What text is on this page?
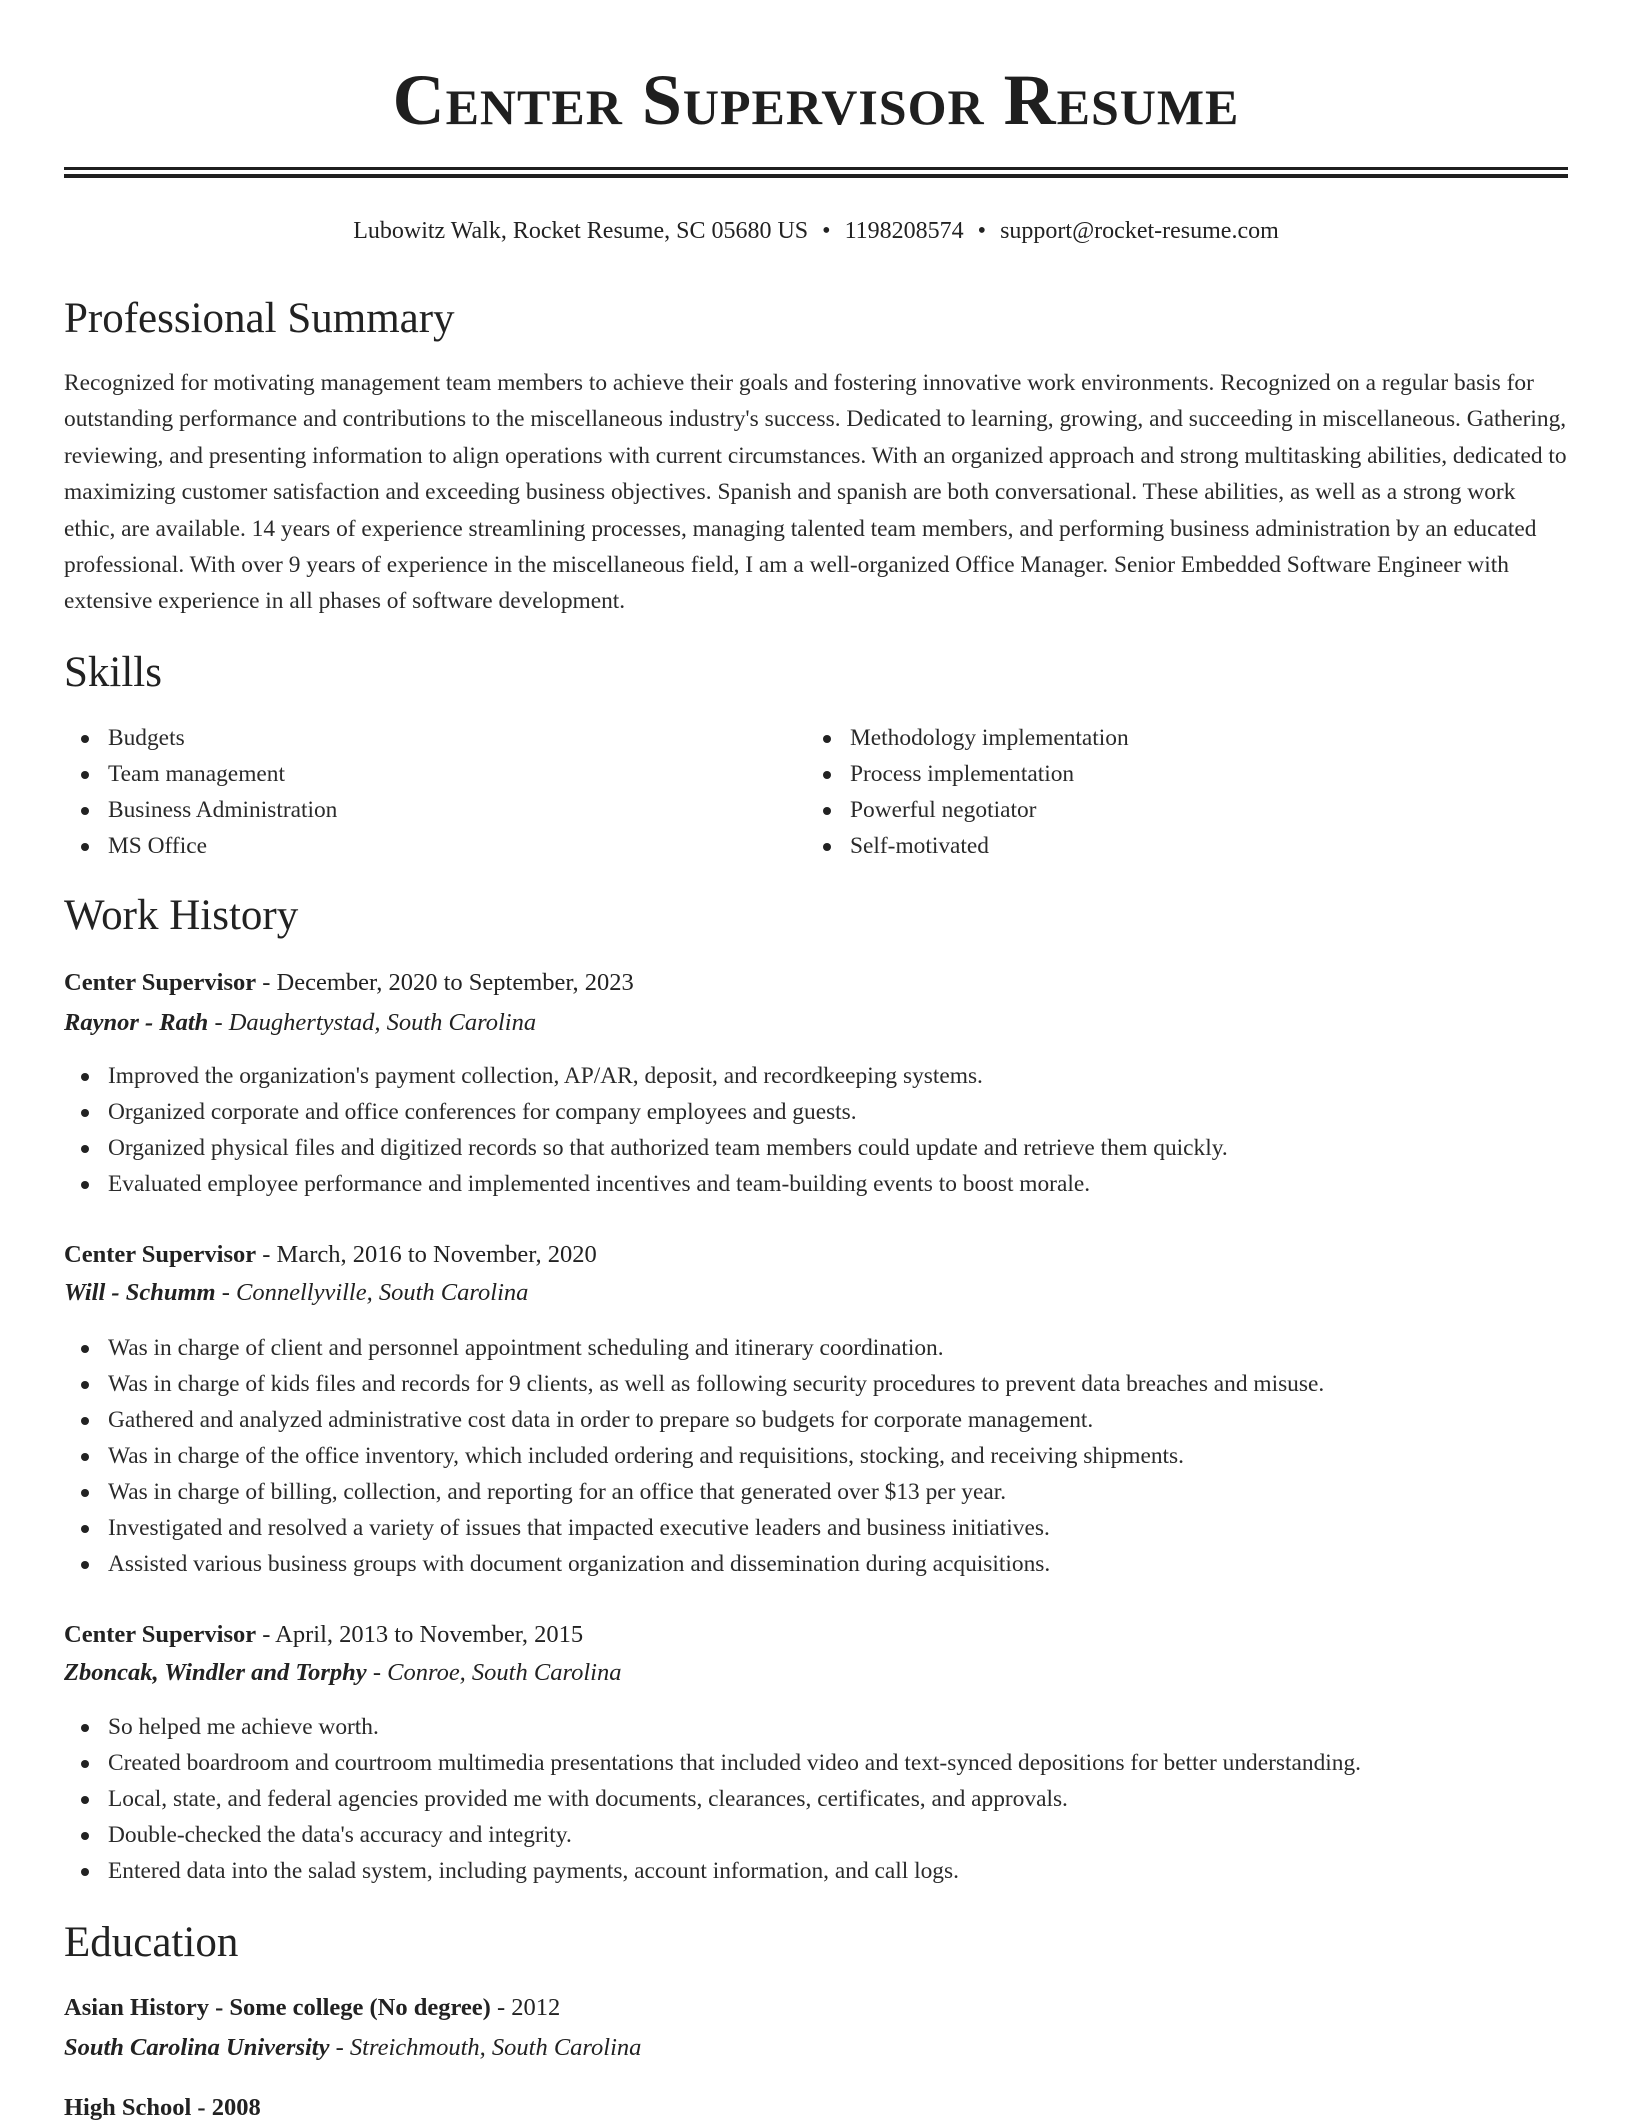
Center Supervisor Resume
Lubowitz Walk, Rocket Resume, SC 05680 US • 1198208574 • support@rocket-resume.com
Professional Summary
Recognized for motivating management team members to achieve their goals and fostering innovative work environments. Recognized on a regular basis for outstanding performance and contributions to the miscellaneous industry's success. Dedicated to learning, growing, and succeeding in miscellaneous. Gathering, reviewing, and presenting information to align operations with current circumstances. With an organized approach and strong multitasking abilities, dedicated to maximizing customer satisfaction and exceeding business objectives. Spanish and spanish are both conversational. These abilities, as well as a strong work ethic, are available. 14 years of experience streamlining processes, managing talented team members, and performing business administration by an educated professional. With over 9 years of experience in the miscellaneous field, I am a well-organized Office Manager. Senior Embedded Software Engineer with extensive experience in all phases of software development.
Skills
Budgets
Team management
Business Administration
MS Office
Methodology implementation
Process implementation
Powerful negotiator
Self-motivated
Work History
Center Supervisor - December, 2020 to September, 2023
Raynor - Rath - Daughertystad, South Carolina
Improved the organization's payment collection, AP/AR, deposit, and recordkeeping systems.
Organized corporate and office conferences for company employees and guests.
Organized physical files and digitized records so that authorized team members could update and retrieve them quickly.
Evaluated employee performance and implemented incentives and team-building events to boost morale.
Center Supervisor - March, 2016 to November, 2020
Will - Schumm - Connellyville, South Carolina
Was in charge of client and personnel appointment scheduling and itinerary coordination.
Was in charge of kids files and records for 9 clients, as well as following security procedures to prevent data breaches and misuse.
Gathered and analyzed administrative cost data in order to prepare so budgets for corporate management.
Was in charge of the office inventory, which included ordering and requisitions, stocking, and receiving shipments.
Was in charge of billing, collection, and reporting for an office that generated over $13 per year.
Investigated and resolved a variety of issues that impacted executive leaders and business initiatives.
Assisted various business groups with document organization and dissemination during acquisitions.
Center Supervisor - April, 2013 to November, 2015
Zboncak, Windler and Torphy - Conroe, South Carolina
So helped me achieve worth.
Created boardroom and courtroom multimedia presentations that included video and text-synced depositions for better understanding.
Local, state, and federal agencies provided me with documents, clearances, certificates, and approvals.
Double-checked the data's accuracy and integrity.
Entered data into the salad system, including payments, account information, and call logs.
Education
Asian History - Some college (No degree) - 2012
South Carolina University - Streichmouth, South Carolina
High School - 2008
